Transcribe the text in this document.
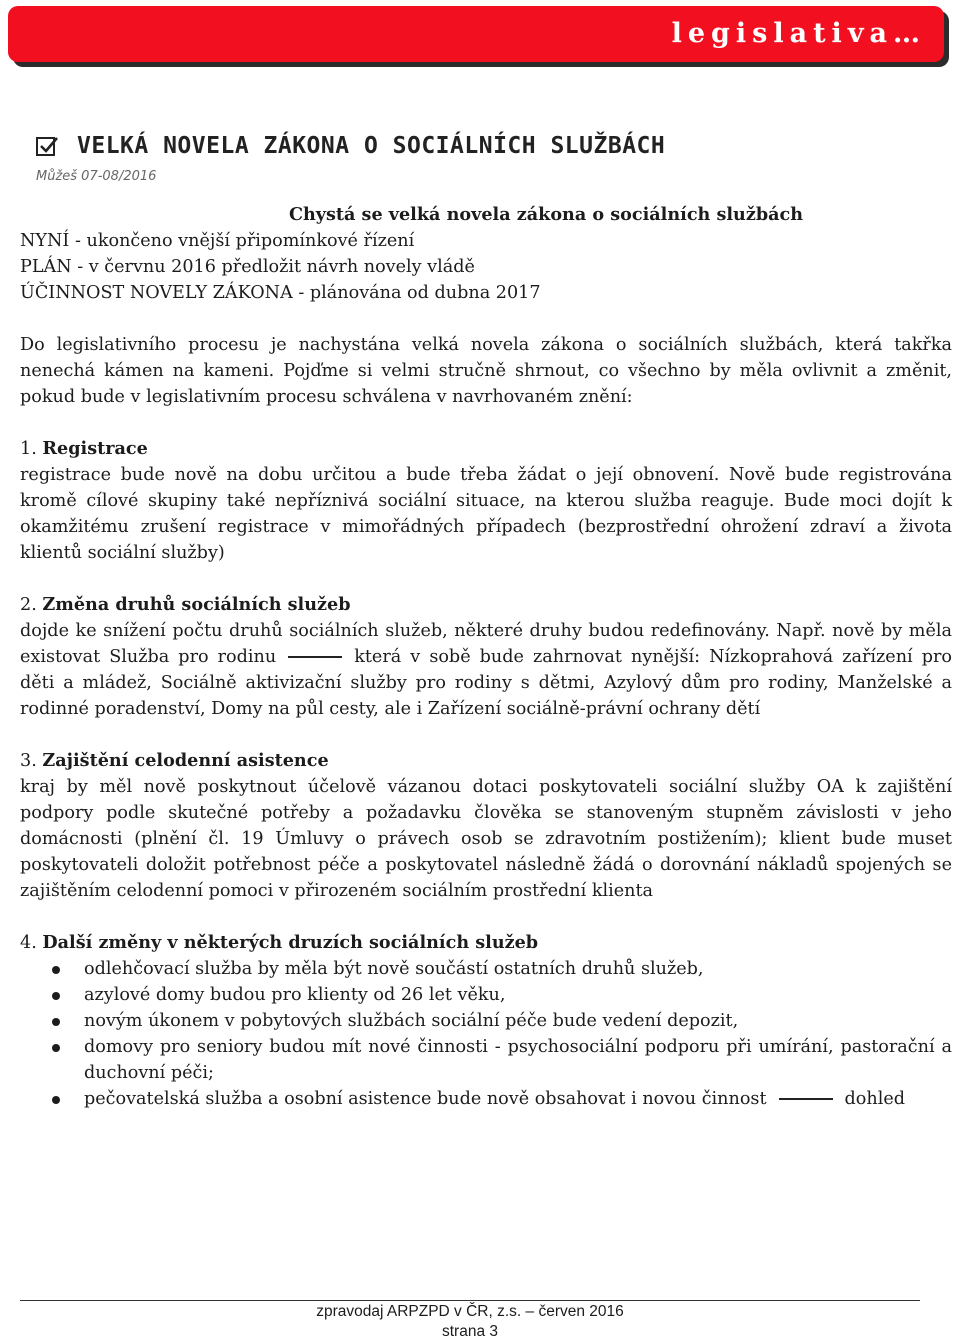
legislativa…
VELKÁ NOVELA ZÁKONA O SOCIÁLNÍCH SLUŽBÁCH
Můžeš 07-08/2016

Chystá se velká novela zákona o sociálních službách

NYNÍ - ukončeno vnější připomínkové řízení

PLÁN - v červnu 2016 předložit návrh novely vládě

ÚČINNOST NOVELY ZÁKONA - plánována od dubna 2017

Do legislativního procesu je nachystána velká novela zákona o sociálních službách, která takřka nenechá kámen na kameni. Pojďme si velmi stručně shrnout, co všechno by měla ovlivnit a změnit, pokud bude v legislativním procesu schválena v navrhovaném znění:

1. Registrace

registrace bude nově na dobu určitou a bude třeba žádat o její obnovení. Nově bude registrována kromě cílové skupiny také nepříznivá sociální situace, na kterou služba reaguje. Bude moci dojít k okamžitému zrušení registrace v mimořádných případech (bezprostřední ohrožení zdraví a života klientů sociální služby)

2. Změna druhů sociálních služeb

dojde ke snížení počtu druhů sociálních služeb, některé druhy budou redefinovány. Např. nově by měla existovat Služba pro rodinu	která v sobě bude zahrnovat nynější: Nízkoprahová zařízení pro děti a mládež, Sociálně aktivizační služby pro rodiny s dětmi, Azylový dům pro rodiny, Manželské a rodinné poradenství, Domy na půl cesty, ale i Zařízení sociálně-právní ochrany dětí

3. Zajištění celodenní asistence

kraj by měl nově poskytnout účelově vázanou dotaci poskytovateli sociální služby OA k zajištění podpory podle skutečné potřeby a požadavku člověka se stanoveným stupněm závislosti v jeho domácnosti (plnění čl. 19 Úmluvy o právech osob se zdravotním postižením); klient bude muset poskytovateli doložit potřebnost péče a poskytovatel následně žádá o dorovnání nákladů spojených se zajištěním celodenní pomoci v přirozeném sociálním prostřední klienta

4. Další změny v některých druzích sociálních služeb

odlehčovací služba by měla být nově součástí ostatních druhů služeb,
azylové domy budou pro klienty od 26 let věku,
novým úkonem v pobytových službách sociální péče bude vedení depozit,
domovy pro seniory budou mít nové činnosti - psychosociální podporu při umírání, pastorační a duchovní péči;
pečovatelská služba a osobní asistence bude nově obsahovat i novou činnost	dohled
zpravodaj ARPZPD v ČR, z.s. – červen 2016
strana 3
